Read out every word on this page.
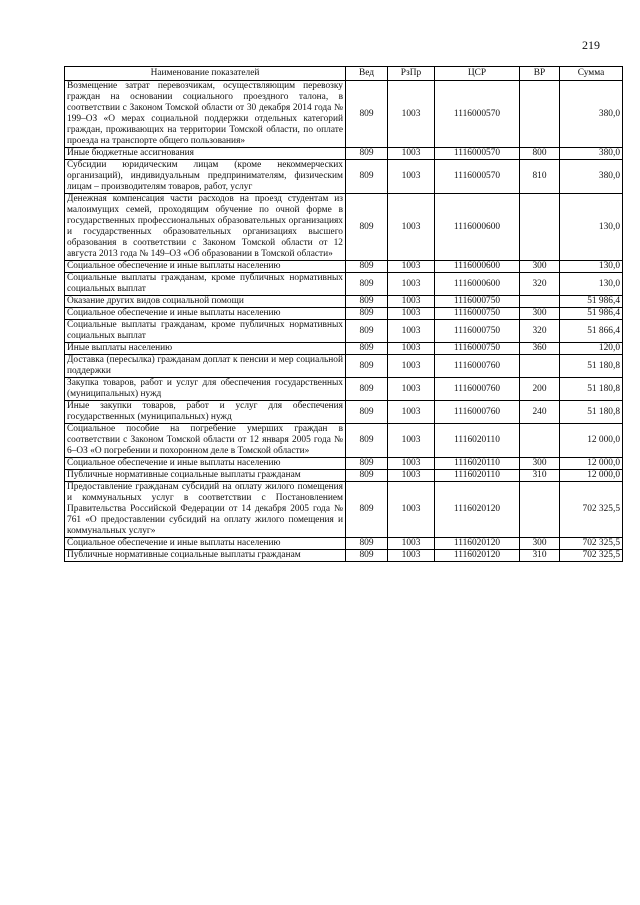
219
Наименование показателей	Вед	РзПр	ЦСР	ВР	Сумма
Возмещение затрат перевозчикам, осуществляющим перевозку граждан на основании социального проездного талона, в соответствии с Законом Томской области от 30 декабря 2014 года № 199–ОЗ «О мерах социальной поддержки отдельных категорий граждан, проживающих на территории Томской области, по оплате проезда на транспорте общего пользования»	809	1003	1116000570		380,0
Иные бюджетные ассигнования	809	1003	1116000570	800	380,0
Субсидии юридическим лицам (кроме некоммерческих организаций), индивидуальным предпринимателям, физическим лицам – производителям товаров, работ, услуг	809	1003	1116000570	810	380,0
Денежная компенсация части расходов на проезд студентам из малоимущих семей, проходящим обучение по очной форме в государственных профессиональных образовательных организациях и государственных образовательных организациях высшего образования в соответствии с Законом Томской области от 12 августа 2013 года № 149–ОЗ «Об образовании в Томской области»	809	1003	1116000600		130,0
Социальное обеспечение и иные выплаты населению	809	1003	1116000600	300	130,0
Социальные выплаты гражданам, кроме публичных нормативных социальных выплат	809	1003	1116000600	320	130,0
Оказание других видов социальной помощи	809	1003	1116000750		51 986,4
Социальное обеспечение и иные выплаты населению	809	1003	1116000750	300	51 986,4
Социальные выплаты гражданам, кроме публичных нормативных социальных выплат	809	1003	1116000750	320	51 866,4
Иные выплаты населению	809	1003	1116000750	360	120,0
Доставка (пересылка) гражданам доплат к пенсии и мер социальной поддержки	809	1003	1116000760		51 180,8
Закупка товаров, работ и услуг для обеспечения государственных (муниципальных) нужд	809	1003	1116000760	200	51 180,8
Иные закупки товаров, работ и услуг для обеспечения государственных (муниципальных) нужд	809	1003	1116000760	240	51 180,8
Социальное пособие на погребение умерших граждан в соответствии с Законом Томской области от 12 января 2005 года № 6–ОЗ «О погребении и похоронном деле в Томской области»	809	1003	1116020110		12 000,0
Социальное обеспечение и иные выплаты населению	809	1003	1116020110	300	12 000,0
Публичные нормативные социальные выплаты гражданам	809	1003	1116020110	310	12 000,0
Предоставление гражданам субсидий на оплату жилого помещения и коммунальных услуг в соответствии с Постановлением Правительства Российской Федерации от 14 декабря 2005 года № 761 «О предоставлении субсидий на оплату жилого помещения и коммунальных услуг»	809	1003	1116020120		702 325,5
Социальное обеспечение и иные выплаты населению	809	1003	1116020120	300	702 325,5
Публичные нормативные социальные выплаты гражданам	809	1003	1116020120	310	702 325,5
